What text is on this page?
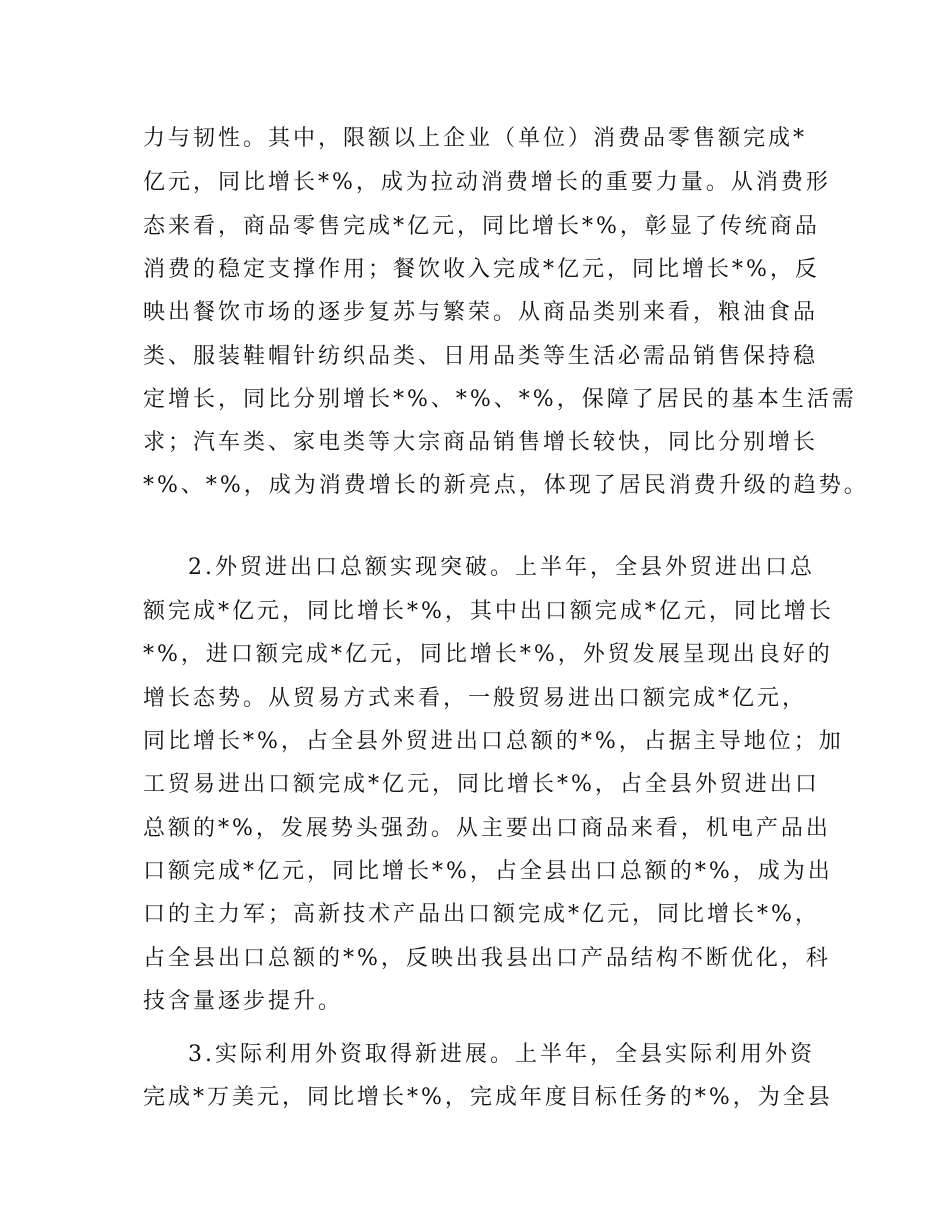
力与韧性。其中，限额以上企业（单位）消费品零售额完成*
亿元，同比增长*%，成为拉动消费增长的重要力量。从消费形
态来看，商品零售完成*亿元，同比增长*%，彰显了传统商品
消费的稳定支撑作用；餐饮收入完成*亿元，同比增长*%，反
映出餐饮市场的逐步复苏与繁荣。从商品类别来看，粮油食品
类、服装鞋帽针纺织品类、日用品类等生活必需品销售保持稳
定增长，同比分别增长*%、*%、*%，保障了居民的基本生活需
求；汽车类、家电类等大宗商品销售增长较快，同比分别增长
*%、*%，成为消费增长的新亮点，体现了居民消费升级的趋势。
2.外贸进出口总额实现突破。上半年，全县外贸进出口总
额完成*亿元，同比增长*%，其中出口额完成*亿元，同比增长
*%，进口额完成*亿元，同比增长*%，外贸发展呈现出良好的
增长态势。从贸易方式来看，一般贸易进出口额完成*亿元，
同比增长*%，占全县外贸进出口总额的*%，占据主导地位；加
工贸易进出口额完成*亿元，同比增长*%，占全县外贸进出口
总额的*%，发展势头强劲。从主要出口商品来看，机电产品出
口额完成*亿元，同比增长*%，占全县出口总额的*%，成为出
口的主力军；高新技术产品出口额完成*亿元，同比增长*%，
占全县出口总额的*%，反映出我县出口产品结构不断优化，科
技含量逐步提升。
3.实际利用外资取得新进展。上半年，全县实际利用外资
完成*万美元，同比增长*%，完成年度目标任务的*%，为全县
